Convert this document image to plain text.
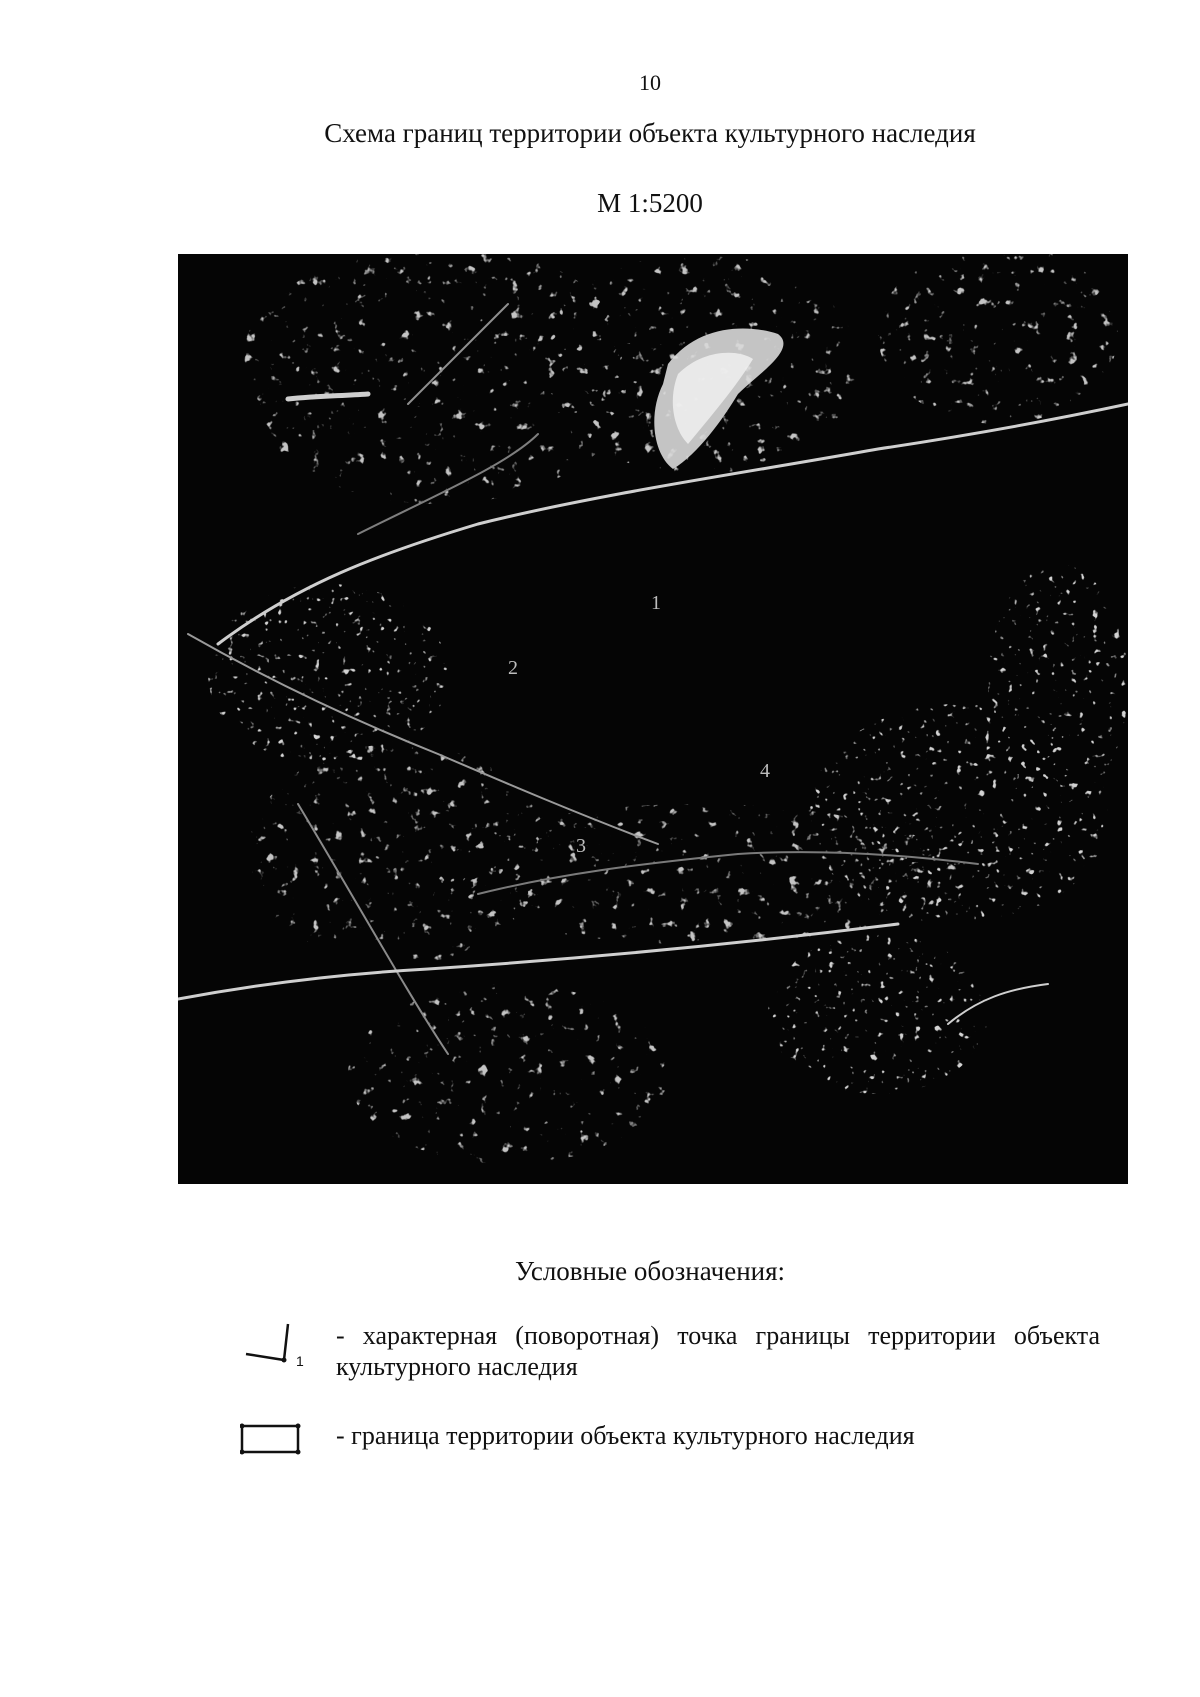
10
Схема границ территории объекта культурного наследия
М 1:5200
1
2
3
4
Условные обозначения:
1
- характерная (поворотная) точка границы территории объекта культурного наследия
- граница территории объекта культурного наследия
